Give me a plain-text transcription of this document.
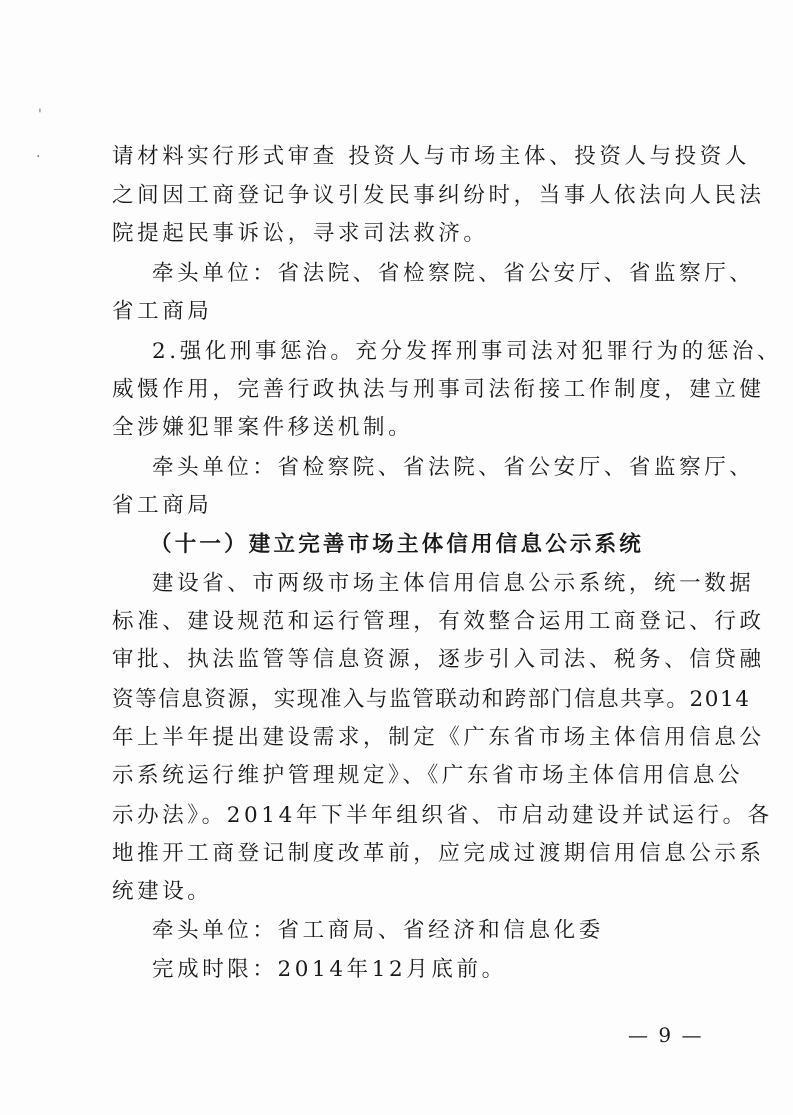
'
·	请材料实行形式审查 投资人与市场主体、投资人与投资人
之间因工商登记争议引发民事纠纷时，当事人依法向人民法
院提起民事诉讼，寻求司法救济。
牵头单位：省法院、省检察院、省公安厅、省监察厅、
省工商局
2.强化刑事惩治。充分发挥刑事司法对犯罪行为的惩治、
威慑作用，完善行政执法与刑事司法衔接工作制度，建立健
全涉嫌犯罪案件移送机制。
牵头单位：省检察院、省法院、省公安厅、省监察厅、
省工商局
（十一）建立完善市场主体信用信息公示系统
建设省、市两级市场主体信用信息公示系统，统一数据
标准、建设规范和运行管理，有效整合运用工商登记、行政
审批、执法监管等信息资源，逐步引入司法、税务、信贷融
资等信息资源，实现准入与监管联动和跨部门信息共享。2014
年上半年提出建设需求，制定《广东省市场主体信用信息公
示系统运行维护管理规定》、《广东省市场主体信用信息公
示办法》。2014年下半年组织省、市启动建设并试运行。各
地推开工商登记制度改革前，应完成过渡期信用信息公示系
统建设。
牵头单位：省工商局、省经济和信息化委
完成时限：2014年12月底前。
— 9 —
